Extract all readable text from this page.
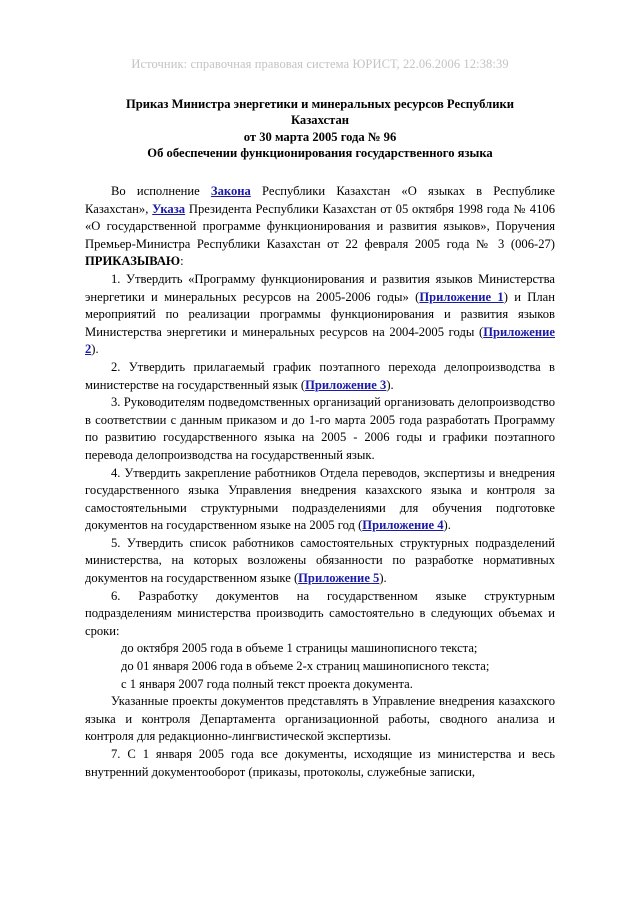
Источник: справочная правовая система ЮРИСТ, 22.06.2006 12:38:39
Приказ Министра энергетики и минеральных ресурсов Республики
Казахстан
от 30 марта 2005 года № 96
Об обеспечении функционирования государственного языка

Во исполнение Закона Республики Казахстан «О языках в Республике Казахстан», Указа Президента Республики Казахстан от 05 октября 1998 года № 4106 «О государственной программе функционирования и развития языков», Поручения Премьер-Министра Республики Казахстан от 22 февраля 2005 года № 3 (006-27) ПРИКАЗЫВАЮ:

1. Утвердить «Программу функционирования и развития языков Министерства энергетики и минеральных ресурсов на 2005-2006 годы» (Приложение 1) и План мероприятий по реализации программы функционирования и развития языков Министерства энергетики и минеральных ресурсов на 2004-2005 годы (Приложение 2).

2. Утвердить прилагаемый график поэтапного перехода делопроизводства в министерстве на государственный язык (Приложение 3).

3. Руководителям подведомственных организаций организовать делопроизводство в соответствии с данным приказом и до 1-го марта 2005 года разработать Программу по развитию государственного языка на 2005 - 2006 годы и графики поэтапного перевода делопроизводства на государственный язык.

4. Утвердить закрепление работников Отдела переводов, экспертизы и внедрения государственного языка Управления внедрения казахского языка и контроля за самостоятельными структурными подразделениями для обучения подготовке документов на государственном языке на 2005 год (Приложение 4).

5. Утвердить список работников самостоятельных структурных подразделений министерства, на которых возложены обязанности по разработке нормативных документов на государственном языке (Приложение 5).

6. Разработку документов на государственном языке структурным подразделениям министерства производить самостоятельно в следующих объемах и сроки:

до октября 2005 года в объеме 1 страницы машинописного текста;

до 01 января 2006 года в объеме 2-х страниц машинописного текста;

с 1 января 2007 года полный текст проекта документа.

Указанные проекты документов представлять в Управление внедрения казахского языка и контроля Департамента организационной работы, сводного анализа и контроля для редакционно-лингвистической экспертизы.

7. С 1 января 2005 года все документы, исходящие из министерства и весь внутренний документооборот (приказы, протоколы, служебные записки,
